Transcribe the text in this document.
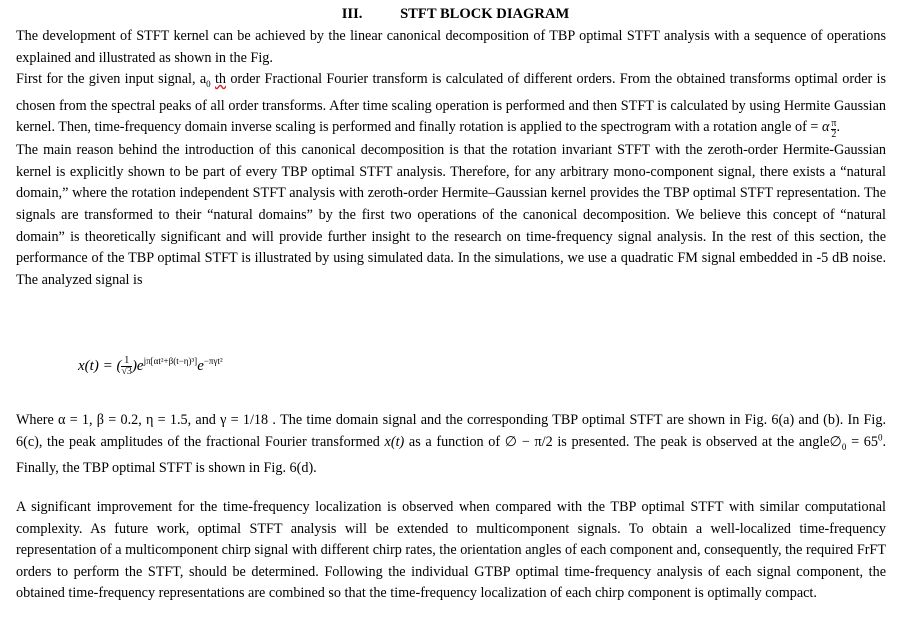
III.	STFT BLOCK DIAGRAM

The development of STFT kernel can be achieved by the linear canonical decomposition of TBP optimal STFT analysis with a sequence of operations explained and illustrated as shown in the Fig.

First for the given input signal, $a_0$ th order Fractional Fourier transform is calculated of different orders. From the obtained transforms optimal order is chosen from the spectral peaks of all order transforms. After time scaling operation is performed and then STFT is calculated by using Hermite Gaussian kernel. Then, time-frequency domain inverse scaling is performed and finally rotation is applied to the spectrogram with a rotation angle of = α $\frac{\pi}{2}$ .

The main reason behind the introduction of this canonical decomposition is that the rotation invariant STFT with the zeroth-order Hermite-Gaussian kernel is explicitly shown to be part of every TBP optimal STFT analysis. Therefore, for any arbitrary mono-component signal, there exists a “natural domain,” where the rotation independent STFT analysis with zeroth-order Hermite–Gaussian kernel provides the TBP optimal STFT representation. The signals are transformed to their “natural domains” by the first two operations of the canonical decomposition. We believe this concept of “natural domain” is theoretically significant and will provide further insight to the research on time-frequency signal analysis. In the rest of this section, the performance of the TBP optimal STFT is illustrated by using simulated data. In the simulations, we use a quadratic FM signal embedded in -5 dB noise. The analyzed signal is

x(t) = ( $\frac{1}{√3} )e^{j\pi[\alpha t^2+\beta(t-\eta)^3]}e^{-\pi\gamma t^2}$

Where α = 1, β = 0.2, η = 1.5, and γ = 1/18 . The time domain signal and the corresponding TBP optimal STFT are shown in Fig. 6(a) and (b). In Fig. 6(c), the peak amplitudes of the fractional Fourier transformed x(t) as a function of ∅ − π/2 is presented. The peak is observed at the $angle\emptyset_0 = 65^0$. Finally, the TBP optimal STFT is shown in Fig. 6(d).

A significant improvement for the time-frequency localization is observed when compared with the TBP optimal STFT with similar computational complexity. As future work, optimal STFT analysis will be extended to multicomponent signals. To obtain a well-localized time-frequency representation of a multicomponent chirp signal with different chirp rates, the orientation angles of each component and, consequently, the required FrFT orders to perform the STFT, should be determined. Following the individual GTBP optimal time-frequency analysis of each signal component, the obtained time-frequency representations are combined so that the time-frequency localization of each chirp component is optimally compact.
